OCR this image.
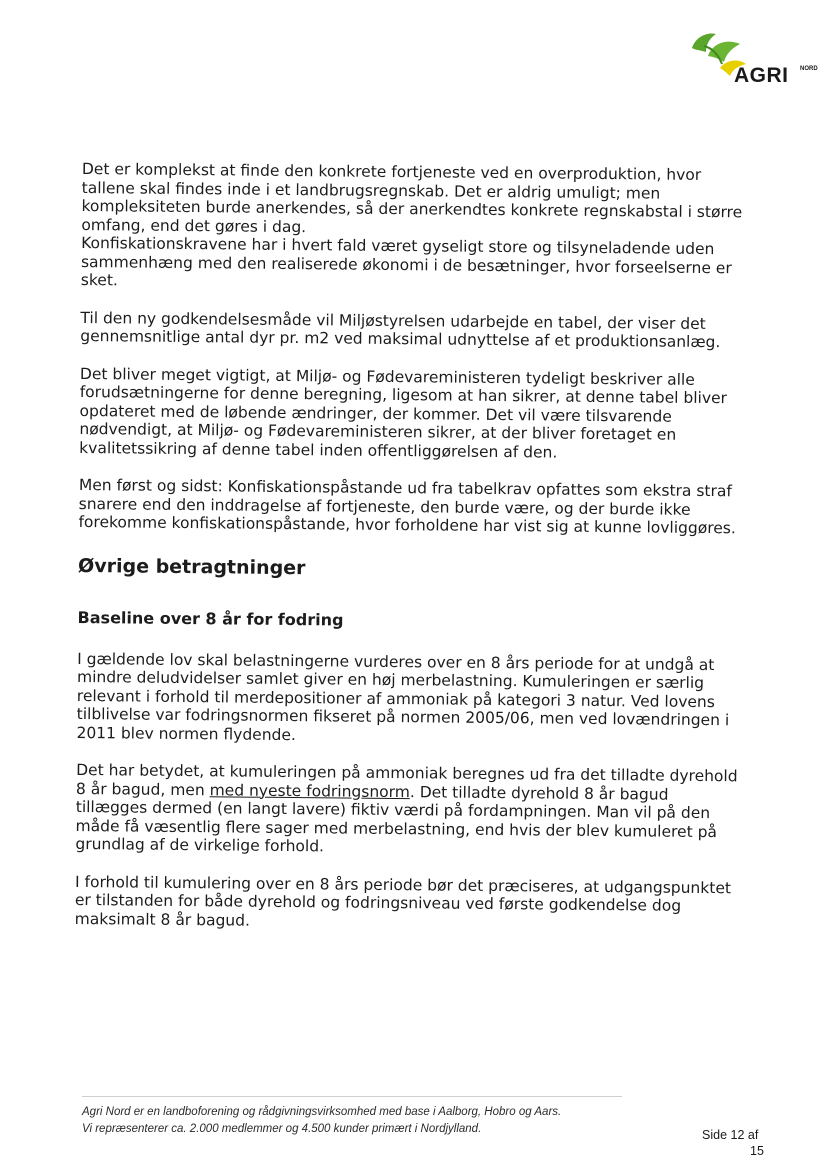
AGRI NORD

Det er komplekst at finde den konkrete fortjeneste ved en overproduktion, hvor tallene skal findes inde i et landbrugsregnskab. Det er aldrig umuligt; men kompleksiteten burde anerkendes, så der anerkendtes konkrete regnskabstal i større omfang, end det gøres i dag.

Konfiskationskravene har i hvert fald været gyseligt store og tilsyneladende uden sammenhæng med den realiserede økonomi i de besætninger, hvor forseelserne er sket.

Til den ny godkendelsesmåde vil Miljøstyrelsen udarbejde en tabel, der viser det gennemsnitlige antal dyr pr. m2 ved maksimal udnyttelse af et produktionsanlæg.

Det bliver meget vigtigt, at Miljø- og Fødevareministeren tydeligt beskriver alle forudsætningerne for denne beregning, ligesom at han sikrer, at denne tabel bliver opdateret med de løbende ændringer, der kommer. Det vil være tilsvarende nødvendigt, at Miljø- og Fødevareministeren sikrer, at der bliver foretaget en kvalitetssikring af denne tabel inden offentliggørelsen af den.

Men først og sidst: Konfiskationspåstande ud fra tabelkrav opfattes som ekstra straf snarere end den inddragelse af fortjeneste, den burde være, og der burde ikke forekomme konfiskationspåstande, hvor forholdene har vist sig at kunne lovliggøres.

Øvrige betragtninger
Baseline over 8 år for fodring

I gældende lov skal belastningerne vurderes over en 8 års periode for at undgå at mindre deludvidelser samlet giver en høj merbelastning. Kumuleringen er særlig relevant i forhold til merdepositioner af ammoniak på kategori 3 natur. Ved lovens tilblivelse var fodringsnormen fikseret på normen 2005/06, men ved lovændringen i 2011 blev normen flydende.

Det har betydet, at kumuleringen på ammoniak beregnes ud fra det tilladte dyrehold 8 år bagud, men med nyeste fodringsnorm. Det tilladte dyrehold 8 år bagud tillægges dermed (en langt lavere) fiktiv værdi på fordampningen. Man vil på den måde få væsentlig flere sager med merbelastning, end hvis der blev kumuleret på grundlag af de virkelige forhold.

I forhold til kumulering over en 8 års periode bør det præciseres, at udgangspunktet er tilstanden for både dyrehold og fodringsniveau ved første godkendelse dog maksimalt 8 år bagud.

Agri Nord er en landboforening og rådgivningsvirksomhed med base i Aalborg, Hobro og Aars.
Vi repræsenterer ca. 2.000 medlemmer og 4.500 kunder primært i Nordjylland.	Side 12 af
15
